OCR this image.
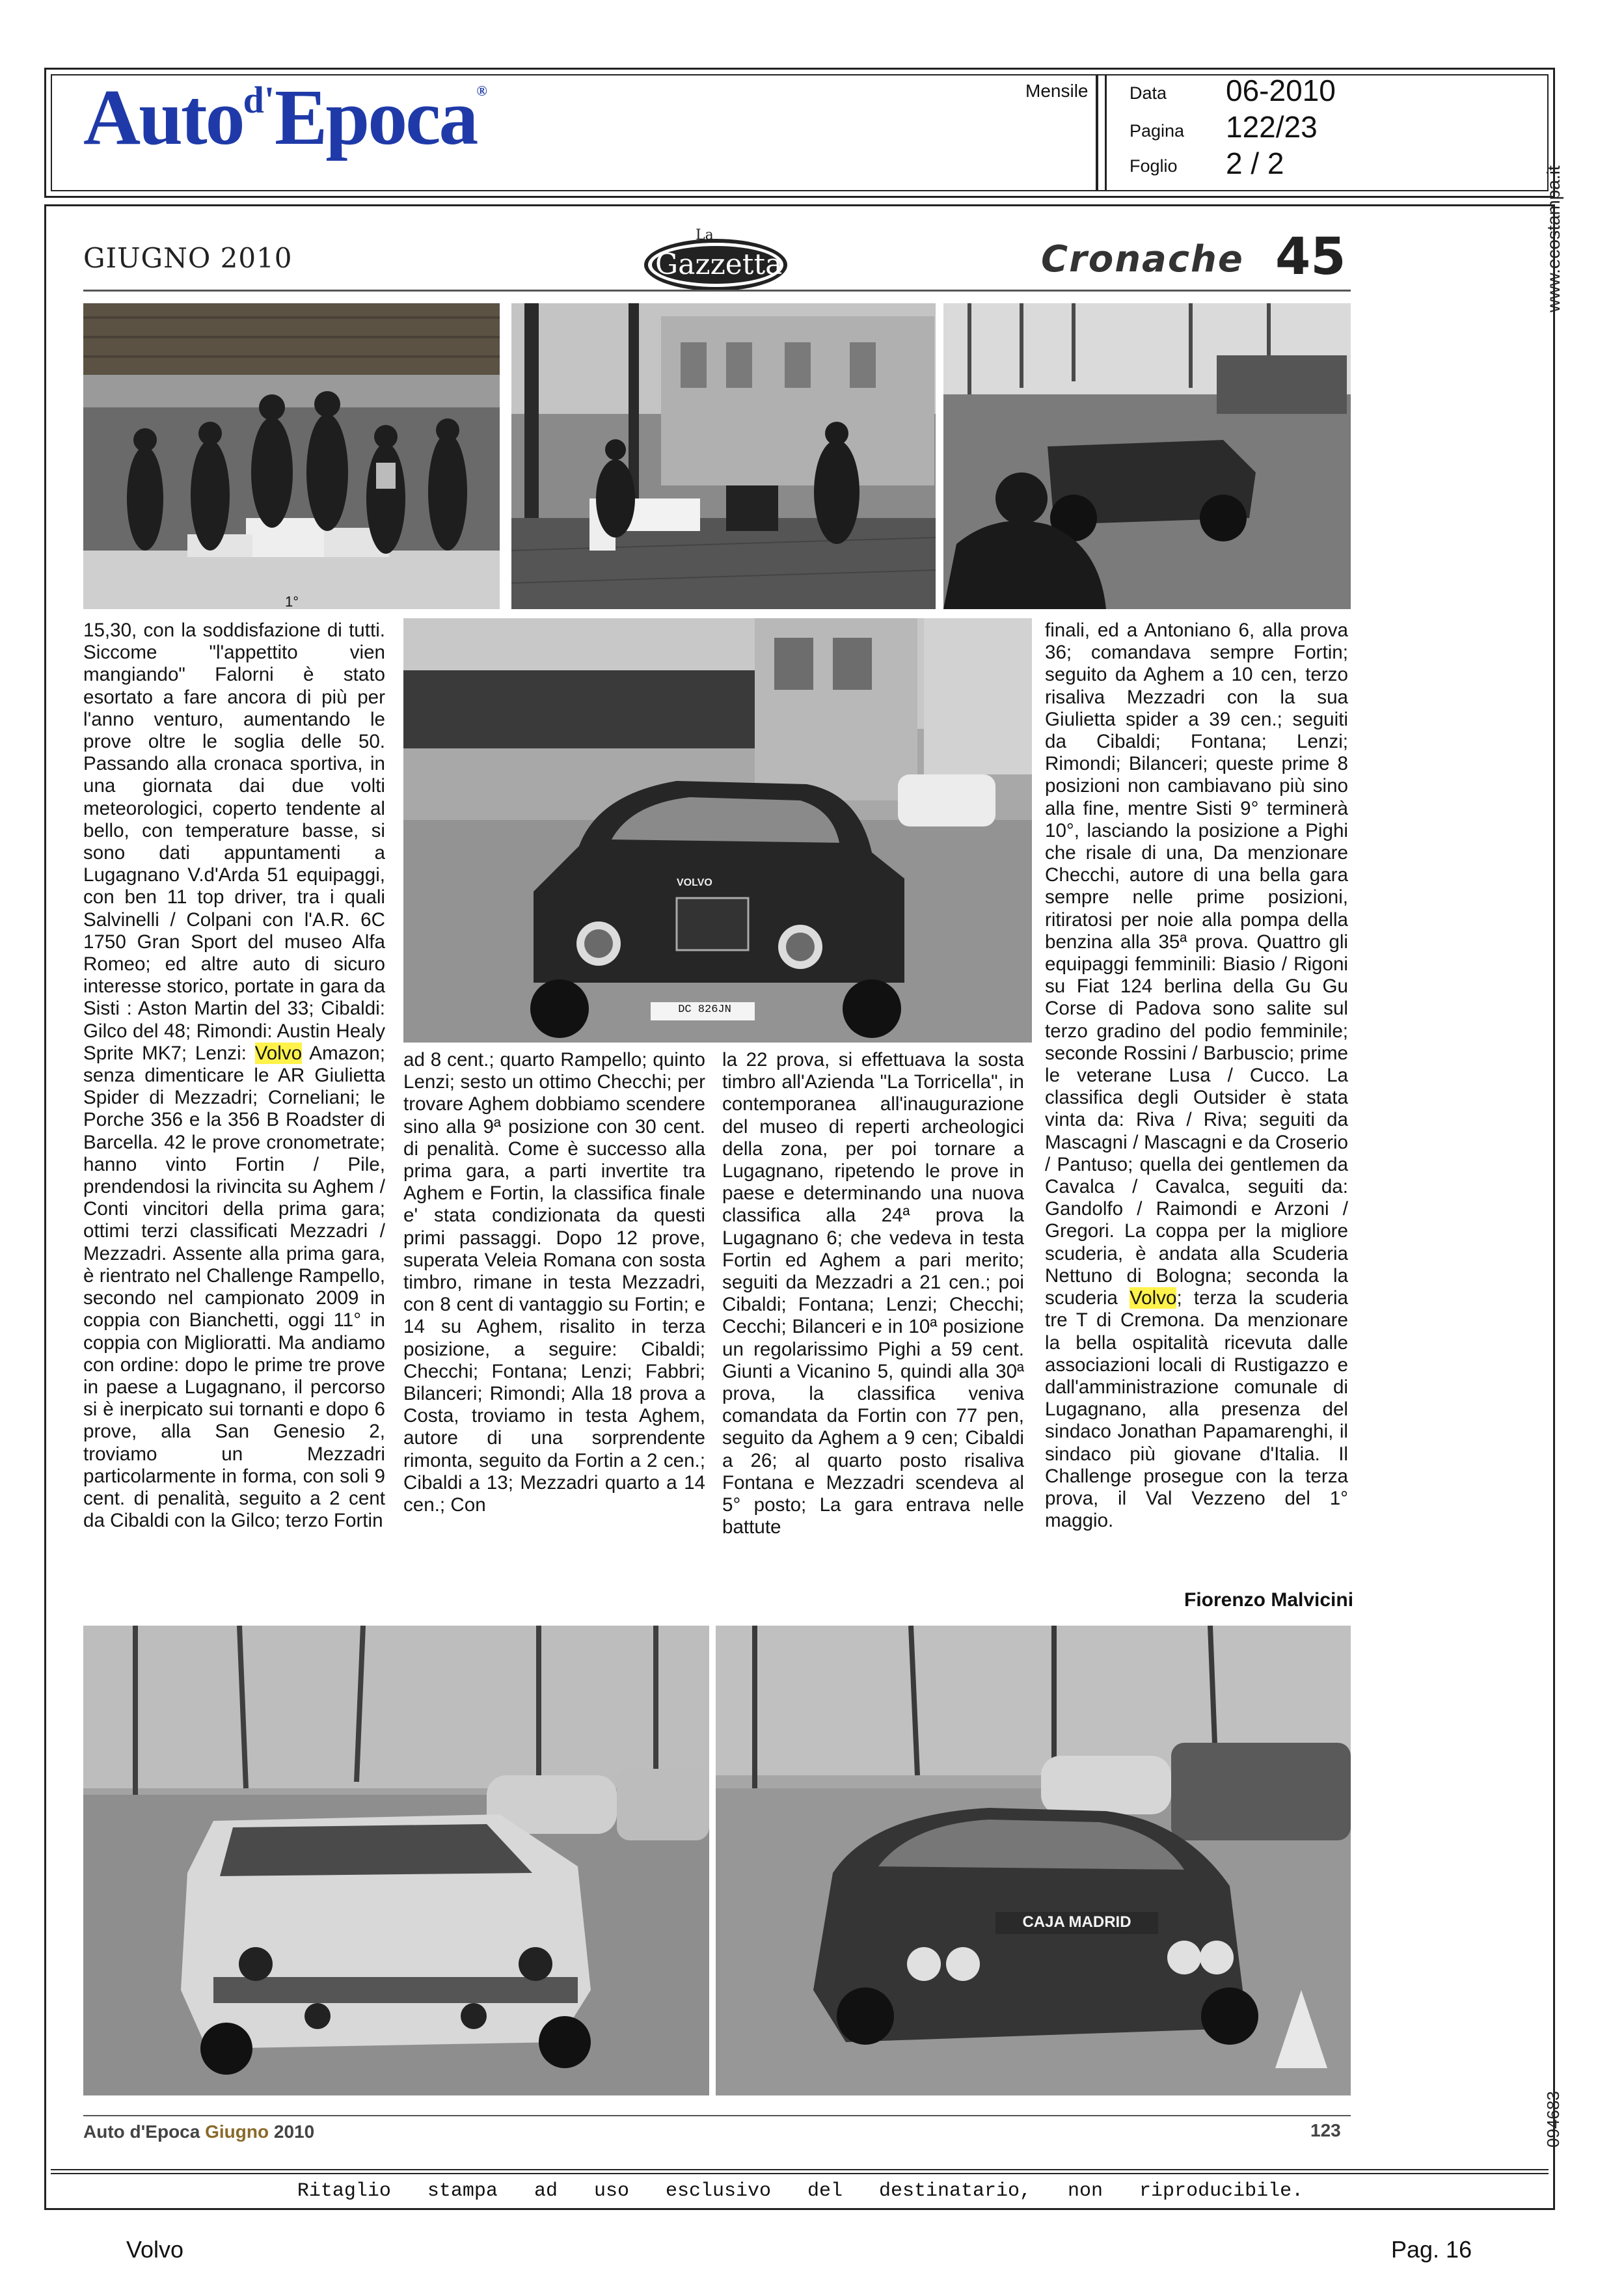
Auto$^{d'}$Epoca®	Mensile Data 06-2010
Pagina 122/23
Foglio 2 / 2
www.ecostampa.it
094683
GIUGNO 2010
La
Gazzetta	Cronache 45
1°
VOLVO
DC 826JN
15,30, con la soddisfazione di tutti. Siccome "l'appettito vien mangiando" Falorni è stato esortato a fare ancora di più per l'anno venturo, aumentando le prove oltre le soglia delle 50. Passando alla cronaca sportiva, in una giornata dai due volti meteorologici, coperto tendente al bello, con temperature basse, si sono dati appuntamenti a Lugagnano V.d'Arda 51 equipaggi, con ben 11 top driver, tra i quali Salvinelli / Colpani con l'A.R. 6C 1750 Gran Sport del museo Alfa Romeo; ed altre auto di sicuro interesse storico, portate in gara da Sisti : Aston Martin del 33; Cibaldi: Gilco del 48; Rimondi: Austin Healy Sprite MK7; Lenzi: Volvo Amazon; senza dimenticare le AR Giulietta Spider di Mezzadri; Corneliani; le Porche 356 e la 356 B Roadster di Barcella. 42 le prove cronometrate; hanno vinto Fortin / Pile, prendendosi la rivincita su Aghem / Conti vincitori della prima gara; ottimi terzi classificati Mezzadri / Mezzadri. Assente alla prima gara, è rientrato nel Challenge Rampello, secondo nel campionato 2009 in coppia con Bianchetti, oggi 11° in coppia con Miglioratti. Ma andiamo con ordine: dopo le prime tre prove in paese a Lugagnano, il percorso si è inerpicato sui tornanti e dopo 6 prove, alla San Genesio 2, troviamo un Mezzadri particolarmente in forma, con soli 9 cent. di penalità, seguito a 2 cent da Cibaldi con la Gilco; terzo Fortin
ad 8 cent.; quarto Rampello; quinto Lenzi; sesto un ottimo Checchi; per trovare Aghem dobbiamo scendere sino alla 9ª posizione con 30 cent. di penalità. Come è successo alla prima gara, a parti invertite tra Aghem e Fortin, la classifica finale e' stata condizionata da questi primi passaggi. Dopo 12 prove, superata Veleia Romana con sosta timbro, rimane in testa Mezzadri, con 8 cent di vantaggio su Fortin; e 14 su Aghem, risalito in terza posizione, a seguire: Cibaldi; Checchi; Fontana; Lenzi; Fabbri; Bilanceri; Rimondi; Alla 18 prova a Costa, troviamo in testa Aghem, autore di una sorprendente rimonta, seguito da Fortin a 2 cen.; Cibaldi a 13; Mezzadri quarto a 14 cen.; Con
la 22 prova, si effettuava la sosta timbro all'Azienda "La Torricella", in contemporanea all'inaugurazione del museo di reperti archeologici della zona, per poi tornare a Lugagnano, ripetendo le prove in paese e determinando una nuova classifica alla 24ª prova la Lugagnano 6; che vedeva in testa Fortin ed Aghem a pari merito; seguiti da Mezzadri a 21 cen.; poi Cibaldi; Fontana; Lenzi; Checchi; Cecchi; Bilanceri e in 10ª posizione un regolarissimo Pighi a 59 cent. Giunti a Vicanino 5, quindi alla 30ª prova, la classifica veniva comandata da Fortin con 77 pen, seguito da Aghem a 9 cen; Cibaldi a 26; al quarto posto risaliva Fontana e Mezzadri scendeva al 5° posto; La gara entrava nelle battute
finali, ed a Antoniano 6, alla prova 36; comandava sempre Fortin; seguito da Aghem a 10 cen, terzo risaliva Mezzadri con la sua Giulietta spider a 39 cen.; seguiti da Cibaldi; Fontana; Lenzi; Rimondi; Bilanceri; queste prime 8 posizioni non cambiavano più sino alla fine, mentre Sisti 9° terminerà 10°, lasciando la posizione a Pighi che risale di una, Da menzionare Checchi, autore di una bella gara sempre nelle prime posizioni, ritiratosi per noie alla pompa della benzina alla 35ª prova. Quattro gli equipaggi femminili: Biasio / Rigoni su Fiat 124 berlina della Gu Gu Corse di Padova sono salite sul terzo gradino del podio femminile; seconde Rossini / Barbuscio; prime le veterane Lusa / Cucco. La classifica degli Outsider è stata vinta da: Riva / Riva; seguiti da Mascagni / Mascagni e da Croserio / Pantuso; quella dei gentlemen da Cavalca / Cavalca, seguiti da: Gandolfo / Raimondi e Arzoni / Gregori. La coppa per la migliore scuderia, è andata alla Scuderia Nettuno di Bologna; seconda la scuderia Volvo; terza la scuderia tre T di Cremona. Da menzionare la bella ospitalità ricevuta dalle associazioni locali di Rustigazzo e dall'amministrazione comunale di Lugagnano, alla presenza del sindaco Jonathan Papamarenghi, il sindaco più giovane d'Italia. Il Challenge prosegue con la terza prova, il Val Vezzeno del 1° maggio.
Fiorenzo Malvicini
CAJA MADRID
Auto d'Epoca Giugno 2010	123
Ritaglio stampa ad uso esclusivo del destinatario, non riproducibile.
Volvo	Pag. 16
